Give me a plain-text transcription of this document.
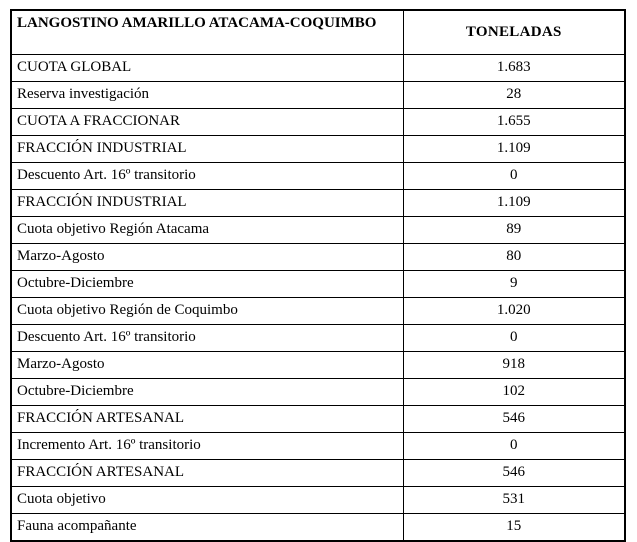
LANGOSTINO AMARILLO ATACAMA-COQUIMBO	TONELADAS
CUOTA GLOBAL	1.683
Reserva investigación	28
CUOTA A FRACCIONAR	1.655
FRACCIÓN INDUSTRIAL	1.109
Descuento Art. 16º transitorio	0
FRACCIÓN INDUSTRIAL	1.109
Cuota objetivo Región Atacama	89
Marzo-Agosto	80
Octubre-Diciembre	9
Cuota objetivo Región de Coquimbo	1.020
Descuento Art. 16º transitorio	0
Marzo-Agosto	918
Octubre-Diciembre	102
FRACCIÓN ARTESANAL	546
Incremento Art. 16º transitorio	0
FRACCIÓN ARTESANAL	546
Cuota objetivo	531
Fauna acompañante	15
